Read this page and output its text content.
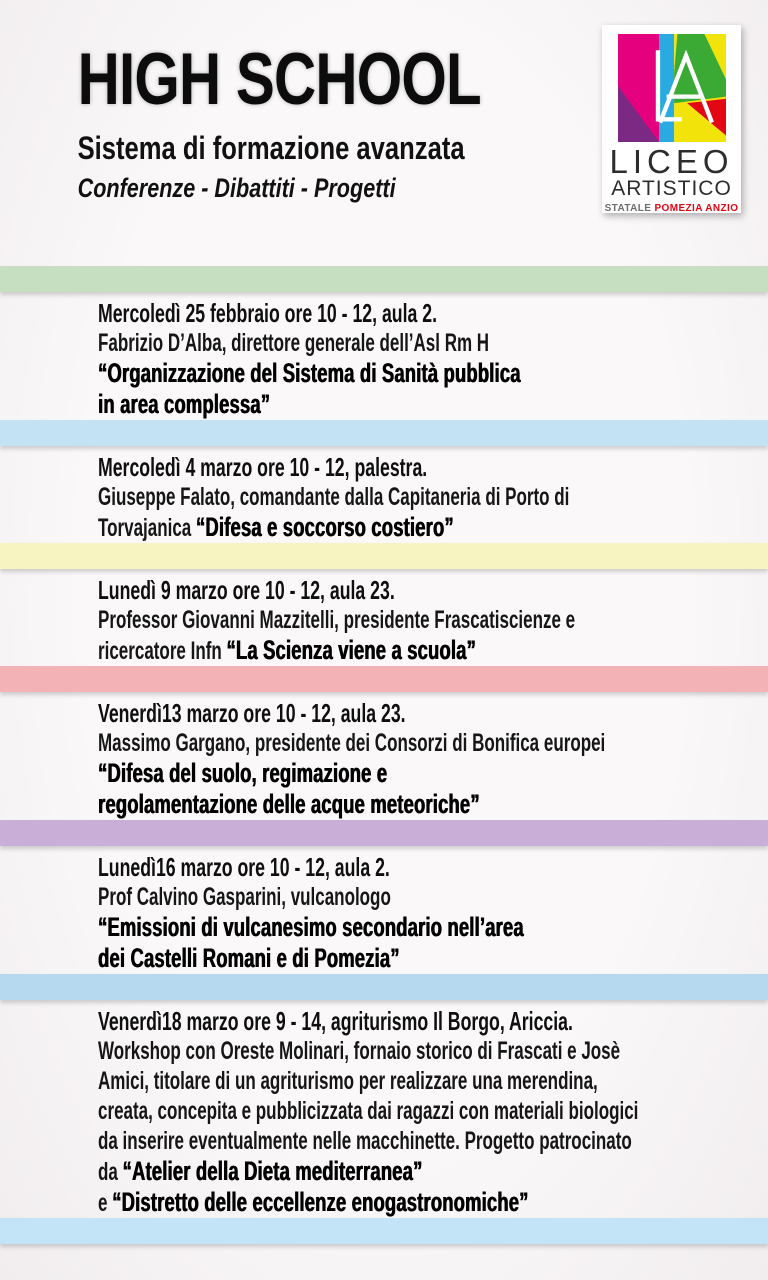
HIGH SCHOOL
Sistema di formazione avanzata
Conferenze - Dibattiti - Progetti
LICEO
ARTISTICO
STATALE POMEZIA ANZIO
Mercoledì 25 febbraio ore 10 - 12, aula 2.
Fabrizio D’Alba, direttore generale dell’Asl Rm H
“Organizzazione del Sistema di Sanità pubblica
in area complessa”
Mercoledì 4 marzo ore 10 - 12, palestra.
Giuseppe Falato, comandante dalla Capitaneria di Porto di
Torvajanica “Difesa e soccorso costiero”
Lunedì 9 marzo ore 10 - 12, aula 23.
Professor Giovanni Mazzitelli, presidente Frascatiscienze e
ricercatore Infn “La Scienza viene a scuola”
Venerdì13 marzo ore 10 - 12, aula 23.
Massimo Gargano, presidente dei Consorzi di Bonifica europei
“Difesa del suolo, regimazione e
regolamentazione delle acque meteoriche”
Lunedì16 marzo ore 10 - 12, aula 2.
Prof Calvino Gasparini, vulcanologo
“Emissioni di vulcanesimo secondario nell’area
dei Castelli Romani e di Pomezia”
Venerdì18 marzo ore 9 - 14, agriturismo Il Borgo, Ariccia.
Workshop con Oreste Molinari, fornaio storico di Frascati e Josè
Amici, titolare di un agriturismo per realizzare una merendina,
creata, concepita e pubblicizzata dai ragazzi con materiali biologici
da inserire eventualmente nelle macchinette. Progetto patrocinato
da “Atelier della Dieta mediterranea”
e “Distretto delle eccellenze enogastronomiche”
